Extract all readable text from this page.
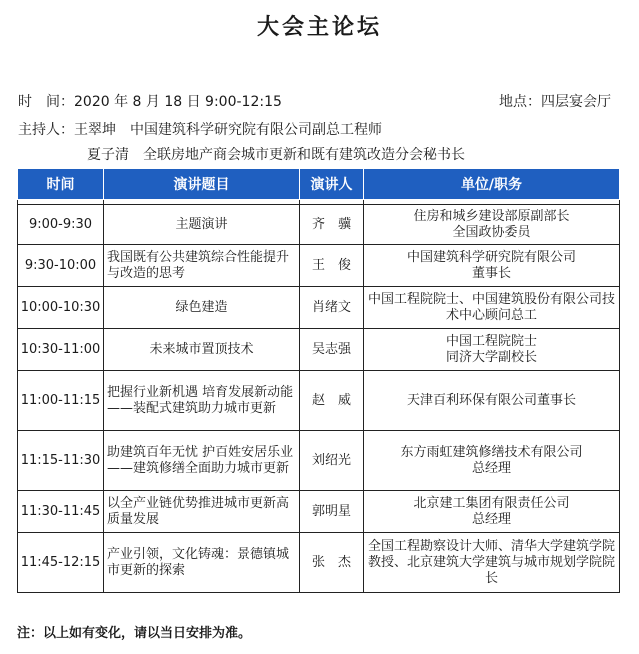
大会主论坛
时　间：2020 年 8 月 18 日 9:00-12:15	地点：四层宴会厅
主持人：王翠坤 中国建筑科学研究院有限公司副总工程师
夏子清 全联房地产商会城市更新和既有建筑改造分会秘书长
时间	演讲题目	演讲人	单位/职务

9:00-9:30	主题演讲	齐　骥	住房和城乡建设部原副部长
全国政协委员
9:30-10:00	我国既有公共建筑综合性能提升与改造的思考	王　俊	中国建筑科学研究院有限公司
董事长
10:00-10:30	绿色建造	肖绪文	中国工程院院士、中国建筑股份有限公司技术中心顾问总工
10:30-11:00	未来城市置顶技术	吴志强	中国工程院院士
同济大学副校长
11:00-11:15	把握行业新机遇 培育发展新动能——装配式建筑助力城市更新	赵　威	天津百利环保有限公司董事长
11:15-11:30	助建筑百年无忧 护百姓安居乐业——建筑修缮全面助力城市更新	刘绍光	东方雨虹建筑修缮技术有限公司
总经理
11:30-11:45	以全产业链优势推进城市更新高质量发展	郭明星	北京建工集团有限责任公司
总经理
11:45-12:15	产业引领，文化铸魂：景德镇城市更新的探索	张　杰	全国工程勘察设计大师、清华大学建筑学院教授、北京建筑大学建筑与城市规划学院院长
注：以上如有变化，请以当日安排为准。
